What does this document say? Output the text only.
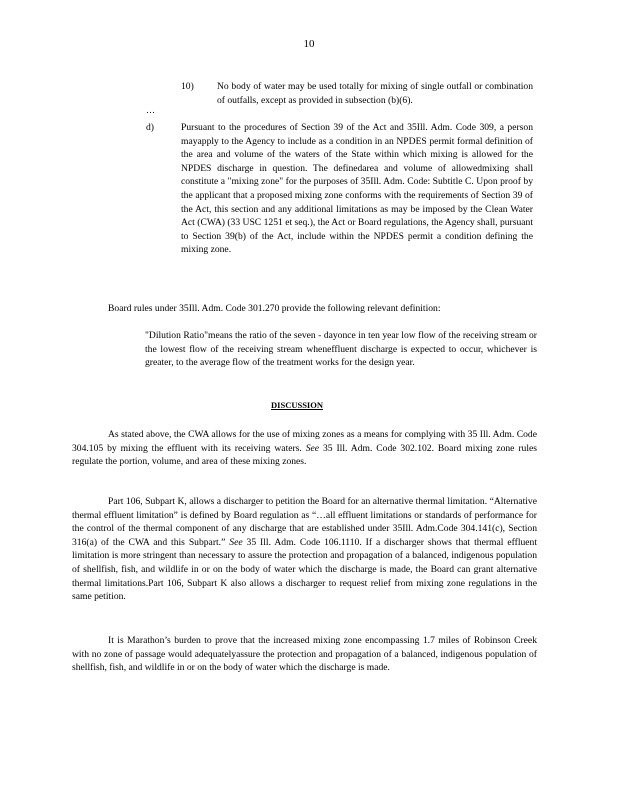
10
10) No body of water may be used totally for mixing of single outfall or combination of outfalls, except as provided in subsection (b)(6).
…
d)	Pursuant to the procedures of Section 39 of the Act and 35Ill. Adm. Code 309, a person mayapply to the Agency to include as a condition in an NPDES permit formal definition of the area and volume of the waters of the State within which mixing is allowed for the NPDES discharge in question. The definedarea and volume of allowedmixing shall constitute a "mixing zone" for the purposes of 35Ill. Adm. Code: Subtitle C. Upon proof by the applicant that a proposed mixing zone conforms with the requirements of Section 39 of the Act, this section and any additional limitations as may be imposed by the Clean Water Act (CWA) (33 USC 1251 et seq.), the Act or Board regulations, the Agency shall, pursuant to Section 39(b) of the Act, include within the NPDES permit a condition defining the mixing zone.
Board rules under 35Ill. Adm. Code 301.270 provide the following relevant definition:
"Dilution Ratio"means the ratio of the seven - dayonce in ten year low flow of the receiving stream or the lowest flow of the receiving stream wheneffluent discharge is expected to occur, whichever is greater, to the average flow of the treatment works for the design year.
DISCUSSION
As stated above, the CWA allows for the use of mixing zones as a means for complying with 35 Ill. Adm. Code 304.105 by mixing the effluent with its receiving waters. See 35 Ill. Adm. Code 302.102. Board mixing zone rules regulate the portion, volume, and area of these mixing zones.
Part 106, Subpart K, allows a discharger to petition the Board for an alternative thermal limitation. “Alternative thermal effluent limitation” is defined by Board regulation as “…all effluent limitations or standards of performance for the control of the thermal component of any discharge that are established under 35Ill. Adm.Code 304.141(c), Section 316(a) of the CWA and this Subpart.” See 35 Ill. Adm. Code 106.1110. If a discharger shows that thermal effluent limitation is more stringent than necessary to assure the protection and propagation of a balanced, indigenous population of shellfish, fish, and wildlife in or on the body of water which the discharge is made, the Board can grant alternative thermal limitations.Part 106, Subpart K also allows a discharger to request relief from mixing zone regulations in the same petition.
It is Marathon’s burden to prove that the increased mixing zone encompassing 1.7 miles of Robinson Creek with no zone of passage would adequatelyassure the protection and propagation of a balanced, indigenous population of shellfish, fish, and wildlife in or on the body of water which the discharge is made.
